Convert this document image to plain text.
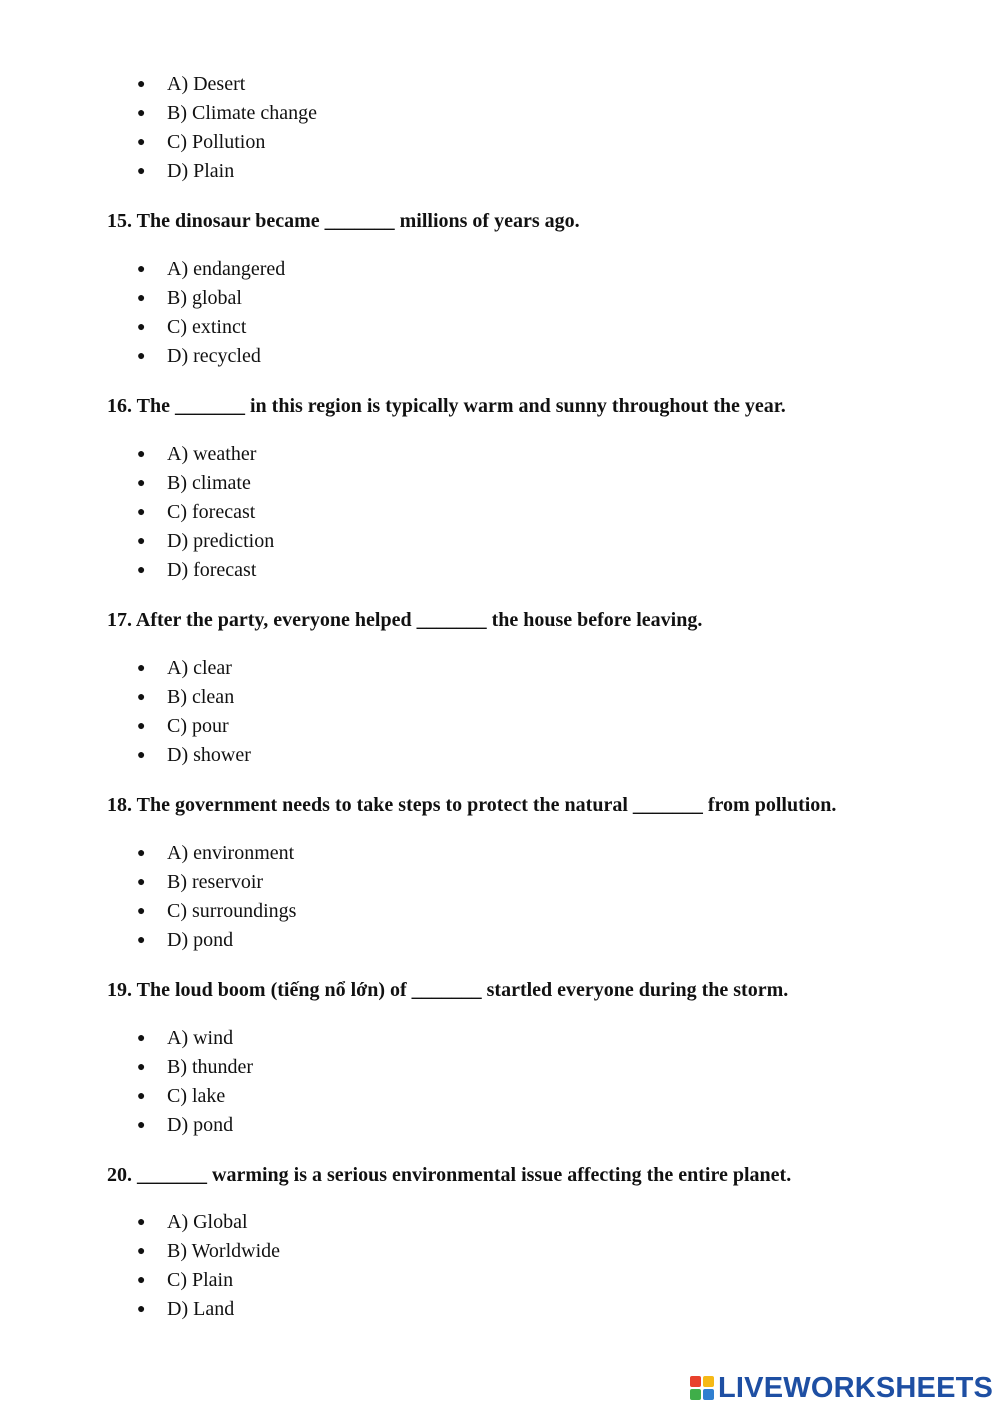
●	A) Desert
●	B) Climate change
●	C) Pollution
●	D) Plain

15. The dinosaur became _______ millions of years ago.

●	A) endangered
●	B) global
●	C) extinct
●	D) recycled

16. The _______ in this region is typically warm and sunny throughout the year.

●	A) weather
●	B) climate
●	C) forecast
●	D) prediction
●	D) forecast

17. After the party, everyone helped _______ the house before leaving.

●	A) clear
●	B) clean
●	C) pour
●	D) shower

18. The government needs to take steps to protect the natural _______ from pollution.

●	A) environment
●	B) reservoir
●	C) surroundings
●	D) pond

19. The loud boom (tiếng nổ lớn) of _______ startled everyone during the storm.

●	A) wind
●	B) thunder
●	C) lake
●	D) pond

20. _______ warming is a serious environmental issue affecting the entire planet.

●	A) Global
●	B) Worldwide
●	C) Plain
●	D) Land
LIVEWORKSHEETS
